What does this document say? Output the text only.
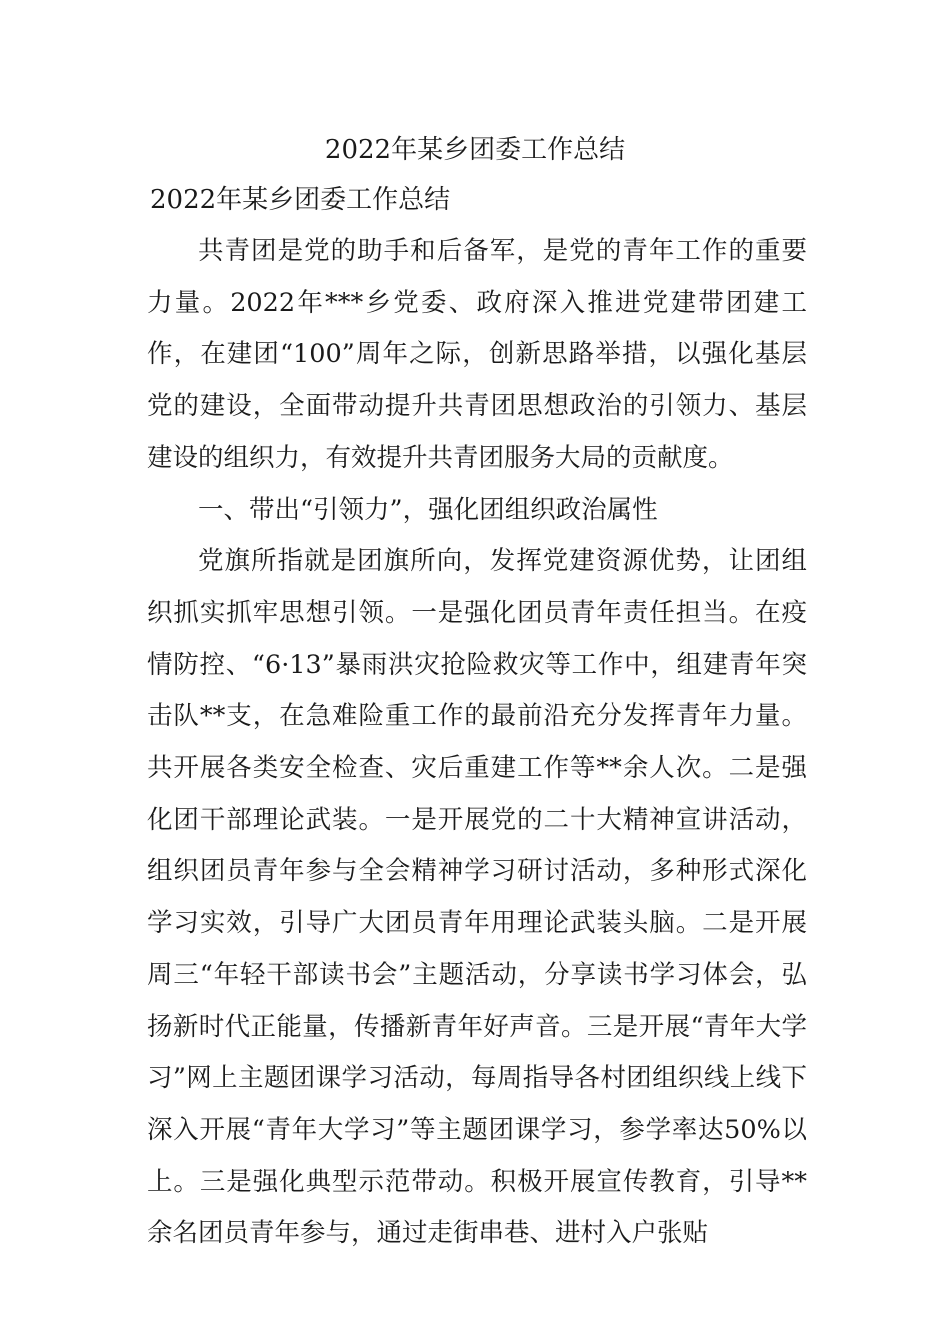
2022年某乡团委工作总结
2022年某乡团委工作总结

共青团是党的助手和后备军，是党的青年工作的重要力量。2022年***乡党委、政府深入推进党建带团建工作，在建团“100”周年之际，创新思路举措，以强化基层党的建设，全面带动提升共青团思想政治的引领力、基层建设的组织力，有效提升共青团服务大局的贡献度。

一、带出“引领力”，强化团组织政治属性

党旗所指就是团旗所向，发挥党建资源优势，让团组织抓实抓牢思想引领。一是强化团员青年责任担当。在疫情防控、“6·13”暴雨洪灾抢险救灾等工作中，组建青年突击队**支，在急难险重工作的最前沿充分发挥青年力量。共开展各类安全检查、灾后重建工作等**余人次。二是强化团干部理论武装。一是开展党的二十大精神宣讲活动，组织团员青年参与全会精神学习研讨活动，多种形式深化学习实效，引导广大团员青年用理论武装头脑。二是开展周三“年轻干部读书会”主题活动，分享读书学习体会，弘扬新时代正能量，传播新青年好声音。三是开展“青年大学习”网上主题团课学习活动，每周指导各村团组织线上线下深入开展“青年大学习”等主题团课学习，参学率达50%以上。三是强化典型示范带动。积极开展宣传教育，引导**余名团员青年参与，通过走街串巷、进村入户张贴
